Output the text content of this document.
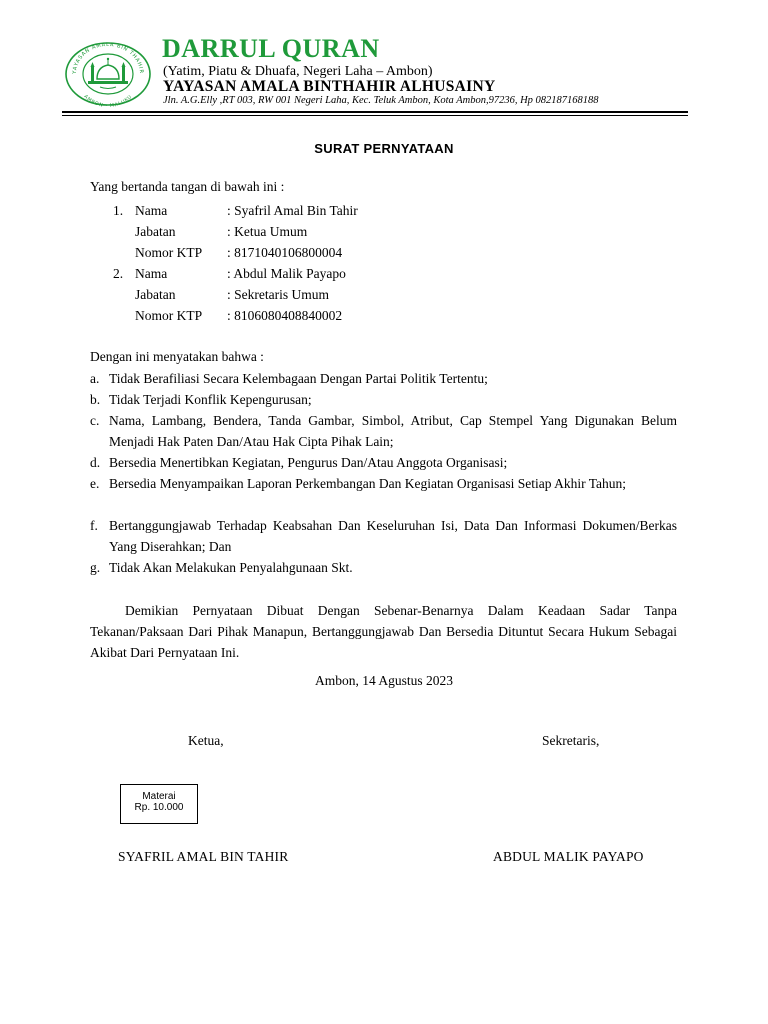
YAYASAN AMALA BIN THAHIR
AMBON - MALUKU
DARRUL QURAN
(Yatim, Piatu & Dhuafa, Negeri Laha – Ambon)
YAYASAN AMALA BINTHAHIR ALHUSAINY
Jln. A.G.Elly ,RT 003, RW 001 Negeri Laha, Kec. Teluk Ambon, Kota Ambon,97236, Hp 082187168188
SURAT PERNYATAAN
Yang bertanda tangan di bawah ini :
1. Nama	: Syafril Amal Bin Tahir
Jabatan	: Ketua Umum
Nomor KTP : 8171040106800004
2. Nama	: Abdul Malik Payapo
Jabatan	: Sekretaris Umum
Nomor KTP : 8106080408840002
Dengan ini menyatakan bahwa :
a. Tidak Berafiliasi Secara Kelembagaan Dengan Partai Politik Tertentu;
b. Tidak Terjadi Konflik Kepengurusan;
c. Nama, Lambang, Bendera, Tanda Gambar, Simbol, Atribut, Cap Stempel Yang Digunakan Belum Menjadi Hak Paten Dan/Atau Hak Cipta Pihak Lain;
d. Bersedia Menertibkan Kegiatan, Pengurus Dan/Atau Anggota Organisasi;
e. Bersedia Menyampaikan Laporan Perkembangan Dan Kegiatan Organisasi Setiap Akhir Tahun;
f. Bertanggungjawab Terhadap Keabsahan Dan Keseluruhan Isi, Data Dan Informasi Dokumen/Berkas Yang Diserahkan; Dan
g. Tidak Akan Melakukan Penyalahgunaan Skt.
Demikian Pernyataan Dibuat Dengan Sebenar-Benarnya Dalam Keadaan Sadar Tanpa Tekanan/Paksaan Dari Pihak Manapun, Bertanggungjawab Dan Bersedia Dituntut Secara Hukum Sebagai Akibat Dari Pernyataan Ini.
Ambon, 14 Agustus 2023
Ketua,	Sekretaris,
Materai
Rp. 10.000
SYAFRIL AMAL BIN TAHIR	ABDUL MALIK PAYAPO
